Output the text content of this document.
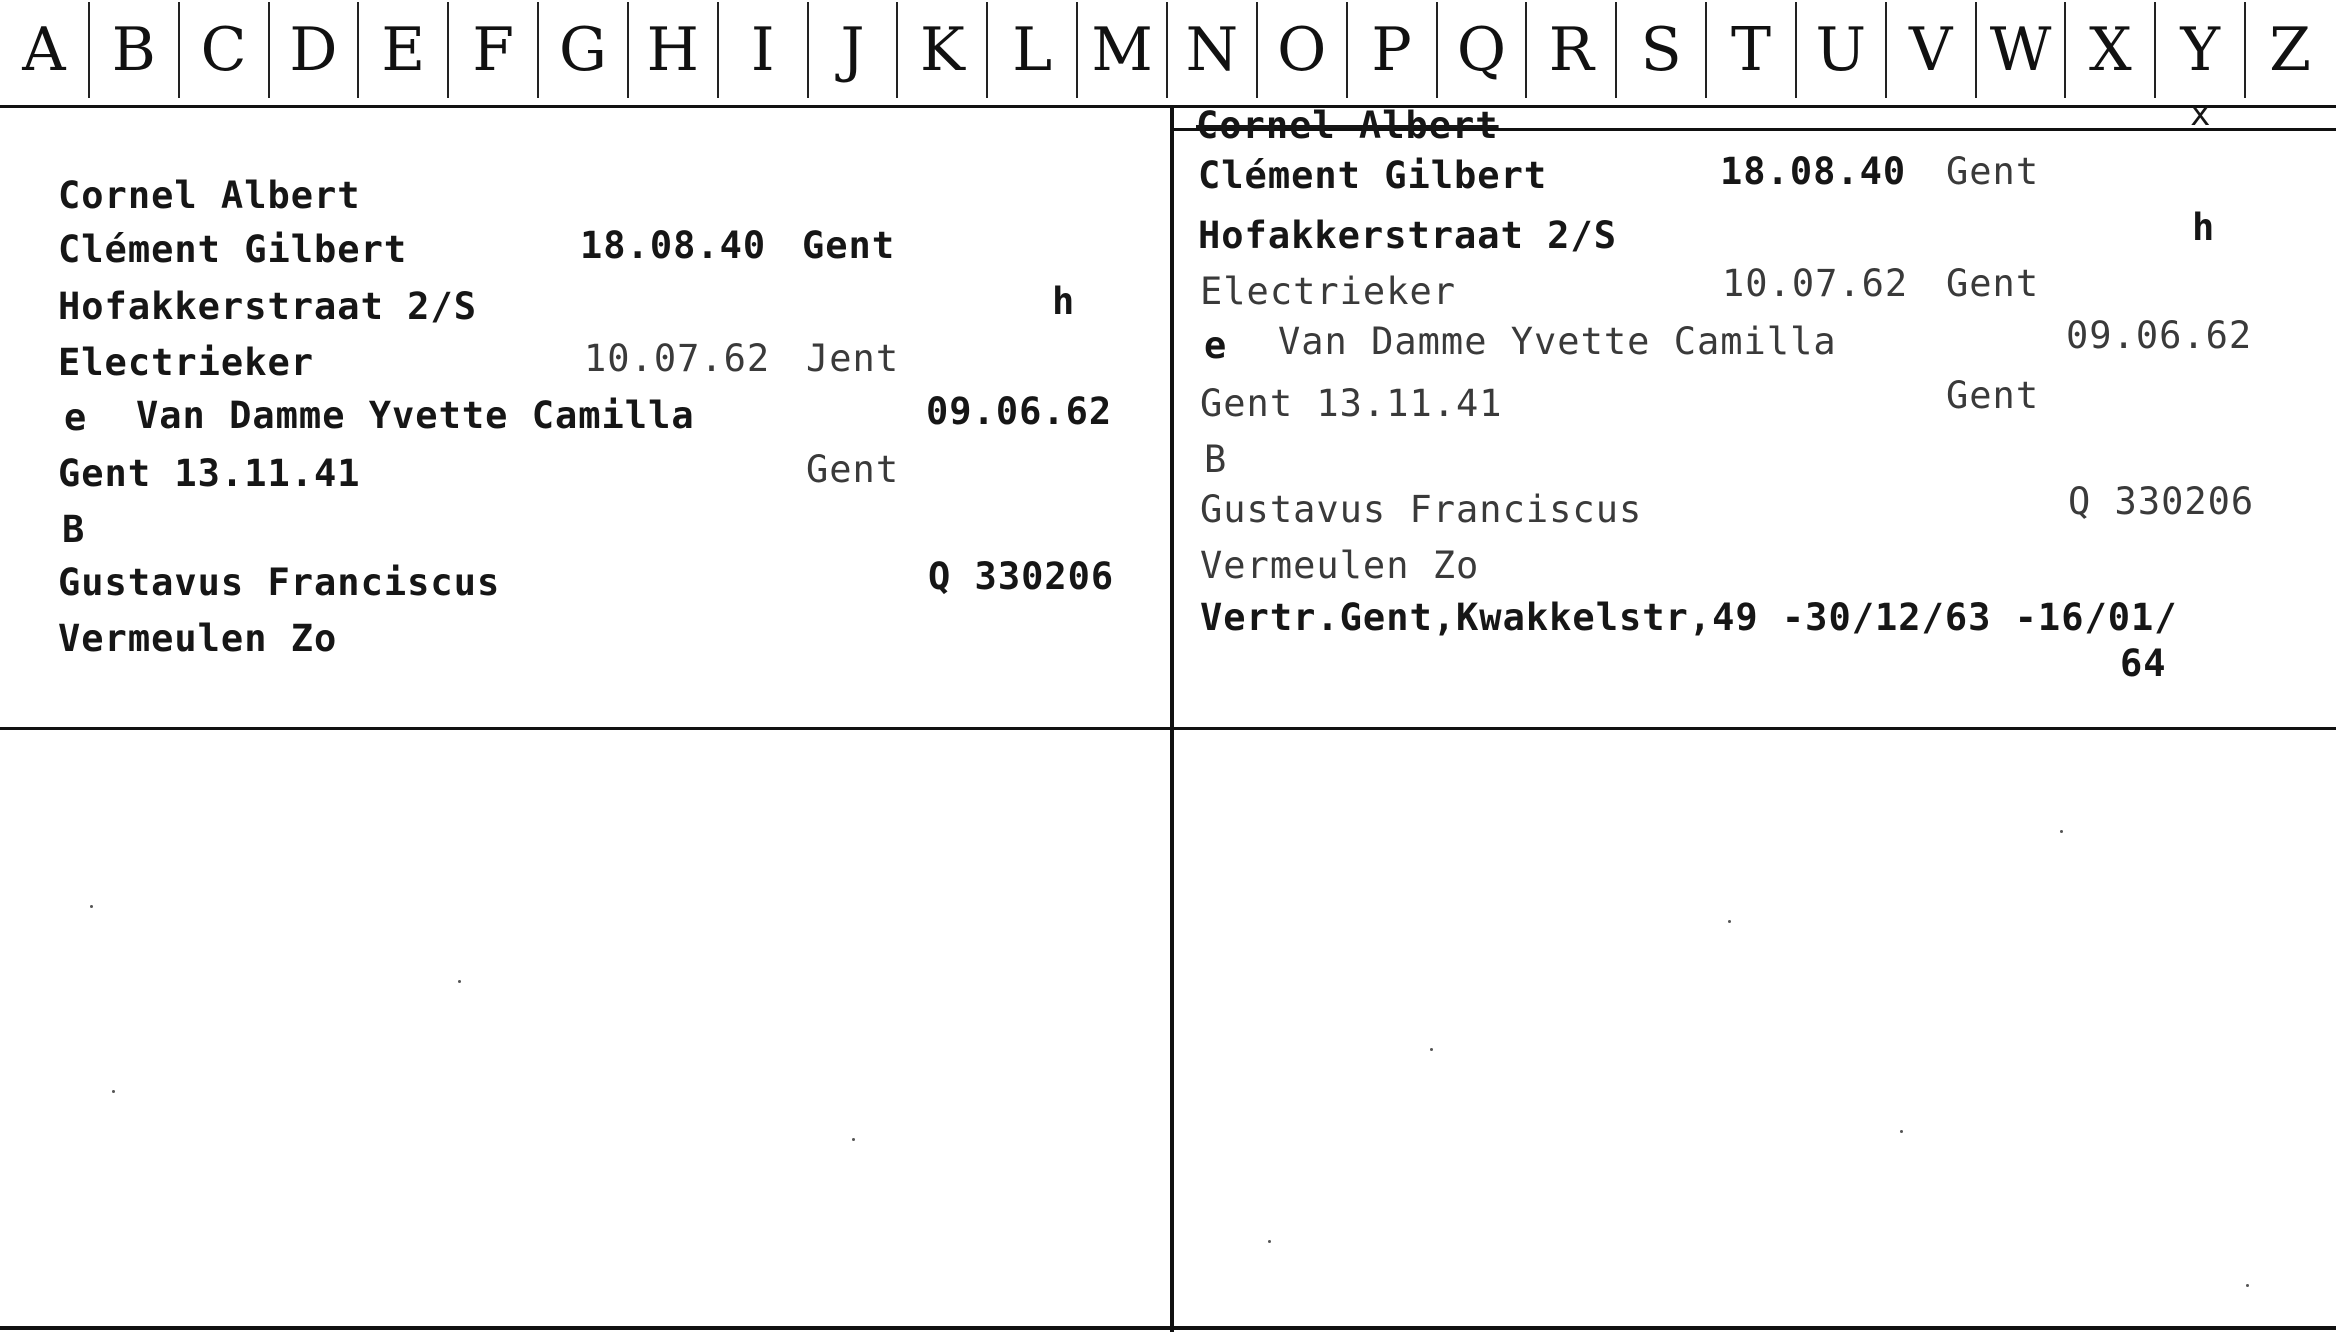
A B C D E F G H I	J K L M N O P Q R S T U V W X Y Z
Cornel Albert
Clément Gilbert	18.08.40 Gent
Hofakkerstraat 2/S	h
Electrieker	10.07.62 Jent
e Van Damme Yvette Camilla	09.06.62
Gent 13.11.41	Gent
B
Gustavus Franciscus	Q 330206
Vermeulen Zo
Cornel Albert	x
Clément Gilbert	18.08.40 Gent
Hofakkerstraat 2/S	h
Electrieker	10.07.62 Gent
e Van Damme Yvette Camilla	09.06.62
Gent 13.11.41	Gent
B
Gustavus Franciscus	Q 330206
Vermeulen Zo
Vertr.Gent,Kwakkelstr,49 -30/12/63 -16/01/
64
